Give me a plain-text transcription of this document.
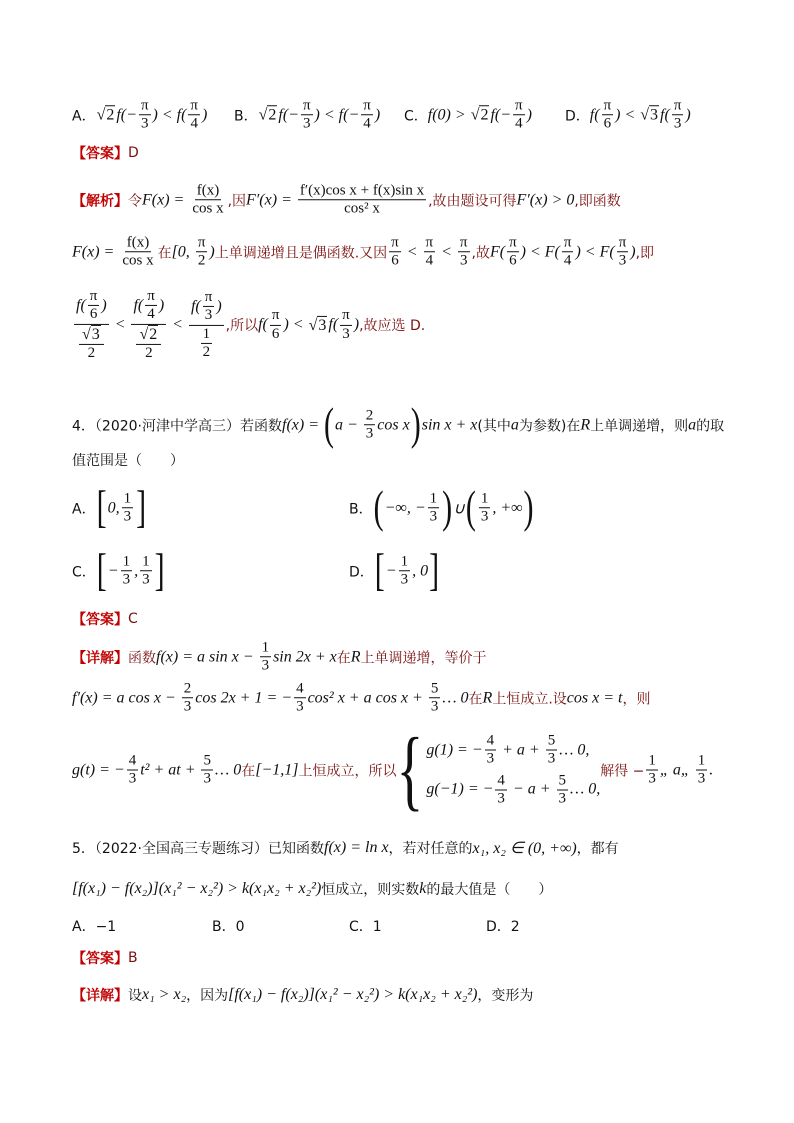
A． √ 2 $f(- \frac{\pi}{3}$ ) < $f( \frac{\pi}{4}$ ) B． √ 2 $f(- \frac{\pi}{3}$ ) < $f(- \frac{\pi}{4}$ ) C． f(0) > √ 2 $f(- \frac{\pi}{4}$ ) D． $f( \frac{\pi}{6}$ ) < √ 3 $f( \frac{\pi}{3}$ )
【答案】 D
【解析】 令 $F(x) = \frac{f(x)}{\text{cos x}}$ ,因 $F'(x) = \frac{\text{f′(x)cos x + f(x)sin x}}{\text{cos² x}}$ ,故由题设可得 F′(x) > 0 ,即函数
$F(x) = \frac{f(x)}{\text{cos x}}$ 在 [0, $\frac{\pi}{2}$ ) 上单调递增且是偶函数.又因 $\frac{\pi}{6} < \frac{\pi}{4} < \frac{\pi}{3}$ ,故 $F( \frac{\pi}{6}$ ) < $F( \frac{\pi}{4}$ ) < $F( \frac{\pi}{3}$ ) ,即
$\frac{f( \frac{\pi}{6} )}{\frac{√ 3}{2}} < \frac{f( \frac{\pi}{4} )}{\frac{√ 2}{2}} < \frac{f( \frac{\pi}{3} )}{\frac{1}{2}}$ ,所以 $f( \frac{\pi}{6}$ ) < √ 3 $f( \frac{\pi}{3}$ ) ,故应选 D.
4．（2020·河津中学高三）若函数 f(x) = ( $a - \frac{2}{3}$ cos x ) sin x + x (其中 a 为参数)在 R 上单调递增，则 a 的取
值范围是（　　）
A． [ 0, $\frac{1}{3}$ ]	B． ( −∞, − $\frac{1}{3}$ ) ∪ ( $\frac{1}{3}$ , +∞ )
C． [ − $\frac{1}{3}$ , $\frac{1}{3}$ ]	D． [ − $\frac{1}{3}$ , 0 ]
【答案】 C
【详解】 函数 f(x) = a $\sin x - \frac{1}{3}$ sin 2x + x 在 R 上单调递增，等价于
f′(x) = a $\cos x - \frac{2}{3}$ cos 2x + 1 = − $\frac{4}{3} \cos^2$ x + a $\cos x + \frac{5}{3}$ … 0 在 R 上恒成立.设 cos x = t ，则
g(t) = − $\frac{4}{3} t^2$ + at + $\frac{5}{3}$ … 0 在 [−1,1] 上恒成立，所以 { g(1) = − $\frac{4}{3} + a + \frac{5}{3}$ … 0,
g(−1) = − $\frac{4}{3} - a + \frac{5}{3}$ … 0,
解得 − $\frac{1}{3}$ „ a„ $\frac{1}{3}$ .
5．（2022·全国高三专题练习）已知函数 f(x) = ln x ，若对任意的 x₁, x₂ ∈ (0, +∞) ，都有
[f(x₁) − f(x₂)](x₁² − x₂²) > k(x₁x₂ + x₂²) 恒成立，则实数 k 的最大值是（　　）
A．−1	B．0	C．1	D．2
【答案】 B
【详解】 设 x₁ > x₂ ，因为 [f(x₁) − f(x₂)](x₁² − x₂²) > k(x₁x₂ + x₂²) ，变形为
